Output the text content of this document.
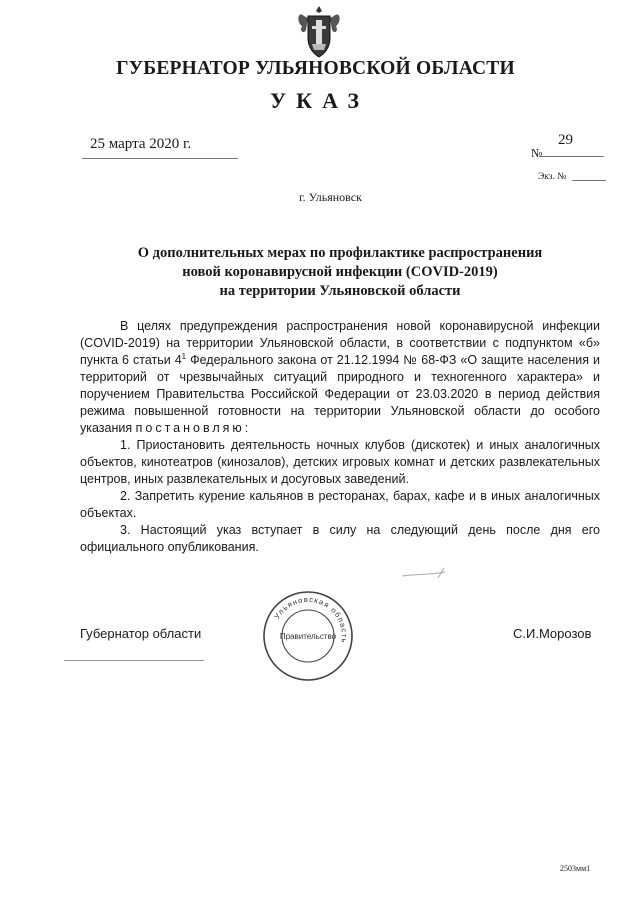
ГУБЕРНАТОР УЛЬЯНОВСКОЙ ОБЛАСТИ
УКАЗ
25 марта 2020 г.
№
29
Экз. №
г. Ульяновск
О дополнительных мерах по профилактике распространения
новой коронавирусной инфекции (COVID-2019)
на территории Ульяновской области

В целях предупреждения распространения новой коронавирусной инфекции (COVID-2019) на территории Ульяновской области, в соответствии с подпунктом «б» пункта 6 статьи $4^1$ Федерального закона от 21.12.1994 № 68-ФЗ «О защите населения и территорий от чрезвычайных ситуаций природного и техногенного характера» и поручением Правительства Российской Федерации от 23.03.2020 в период действия режима повышенной готовности на территории Ульяновской области до особого указания постановляю:

1. Приостановить деятельность ночных клубов (дискотек) и иных аналогичных объектов, кинотеатров (кинозалов), детских игровых комнат и детских развлекательных центров, иных развлекательных и досуговых заведений.

2. Запретить курение кальянов в ресторанах, барах, кафе и в иных аналогичных объектах.

3. Настоящий указ вступает в силу на следующий день после дня его официального опубликования.

Губернатор области	С.И.Морозов
Ульяновская область
Правительство
2503мм1
